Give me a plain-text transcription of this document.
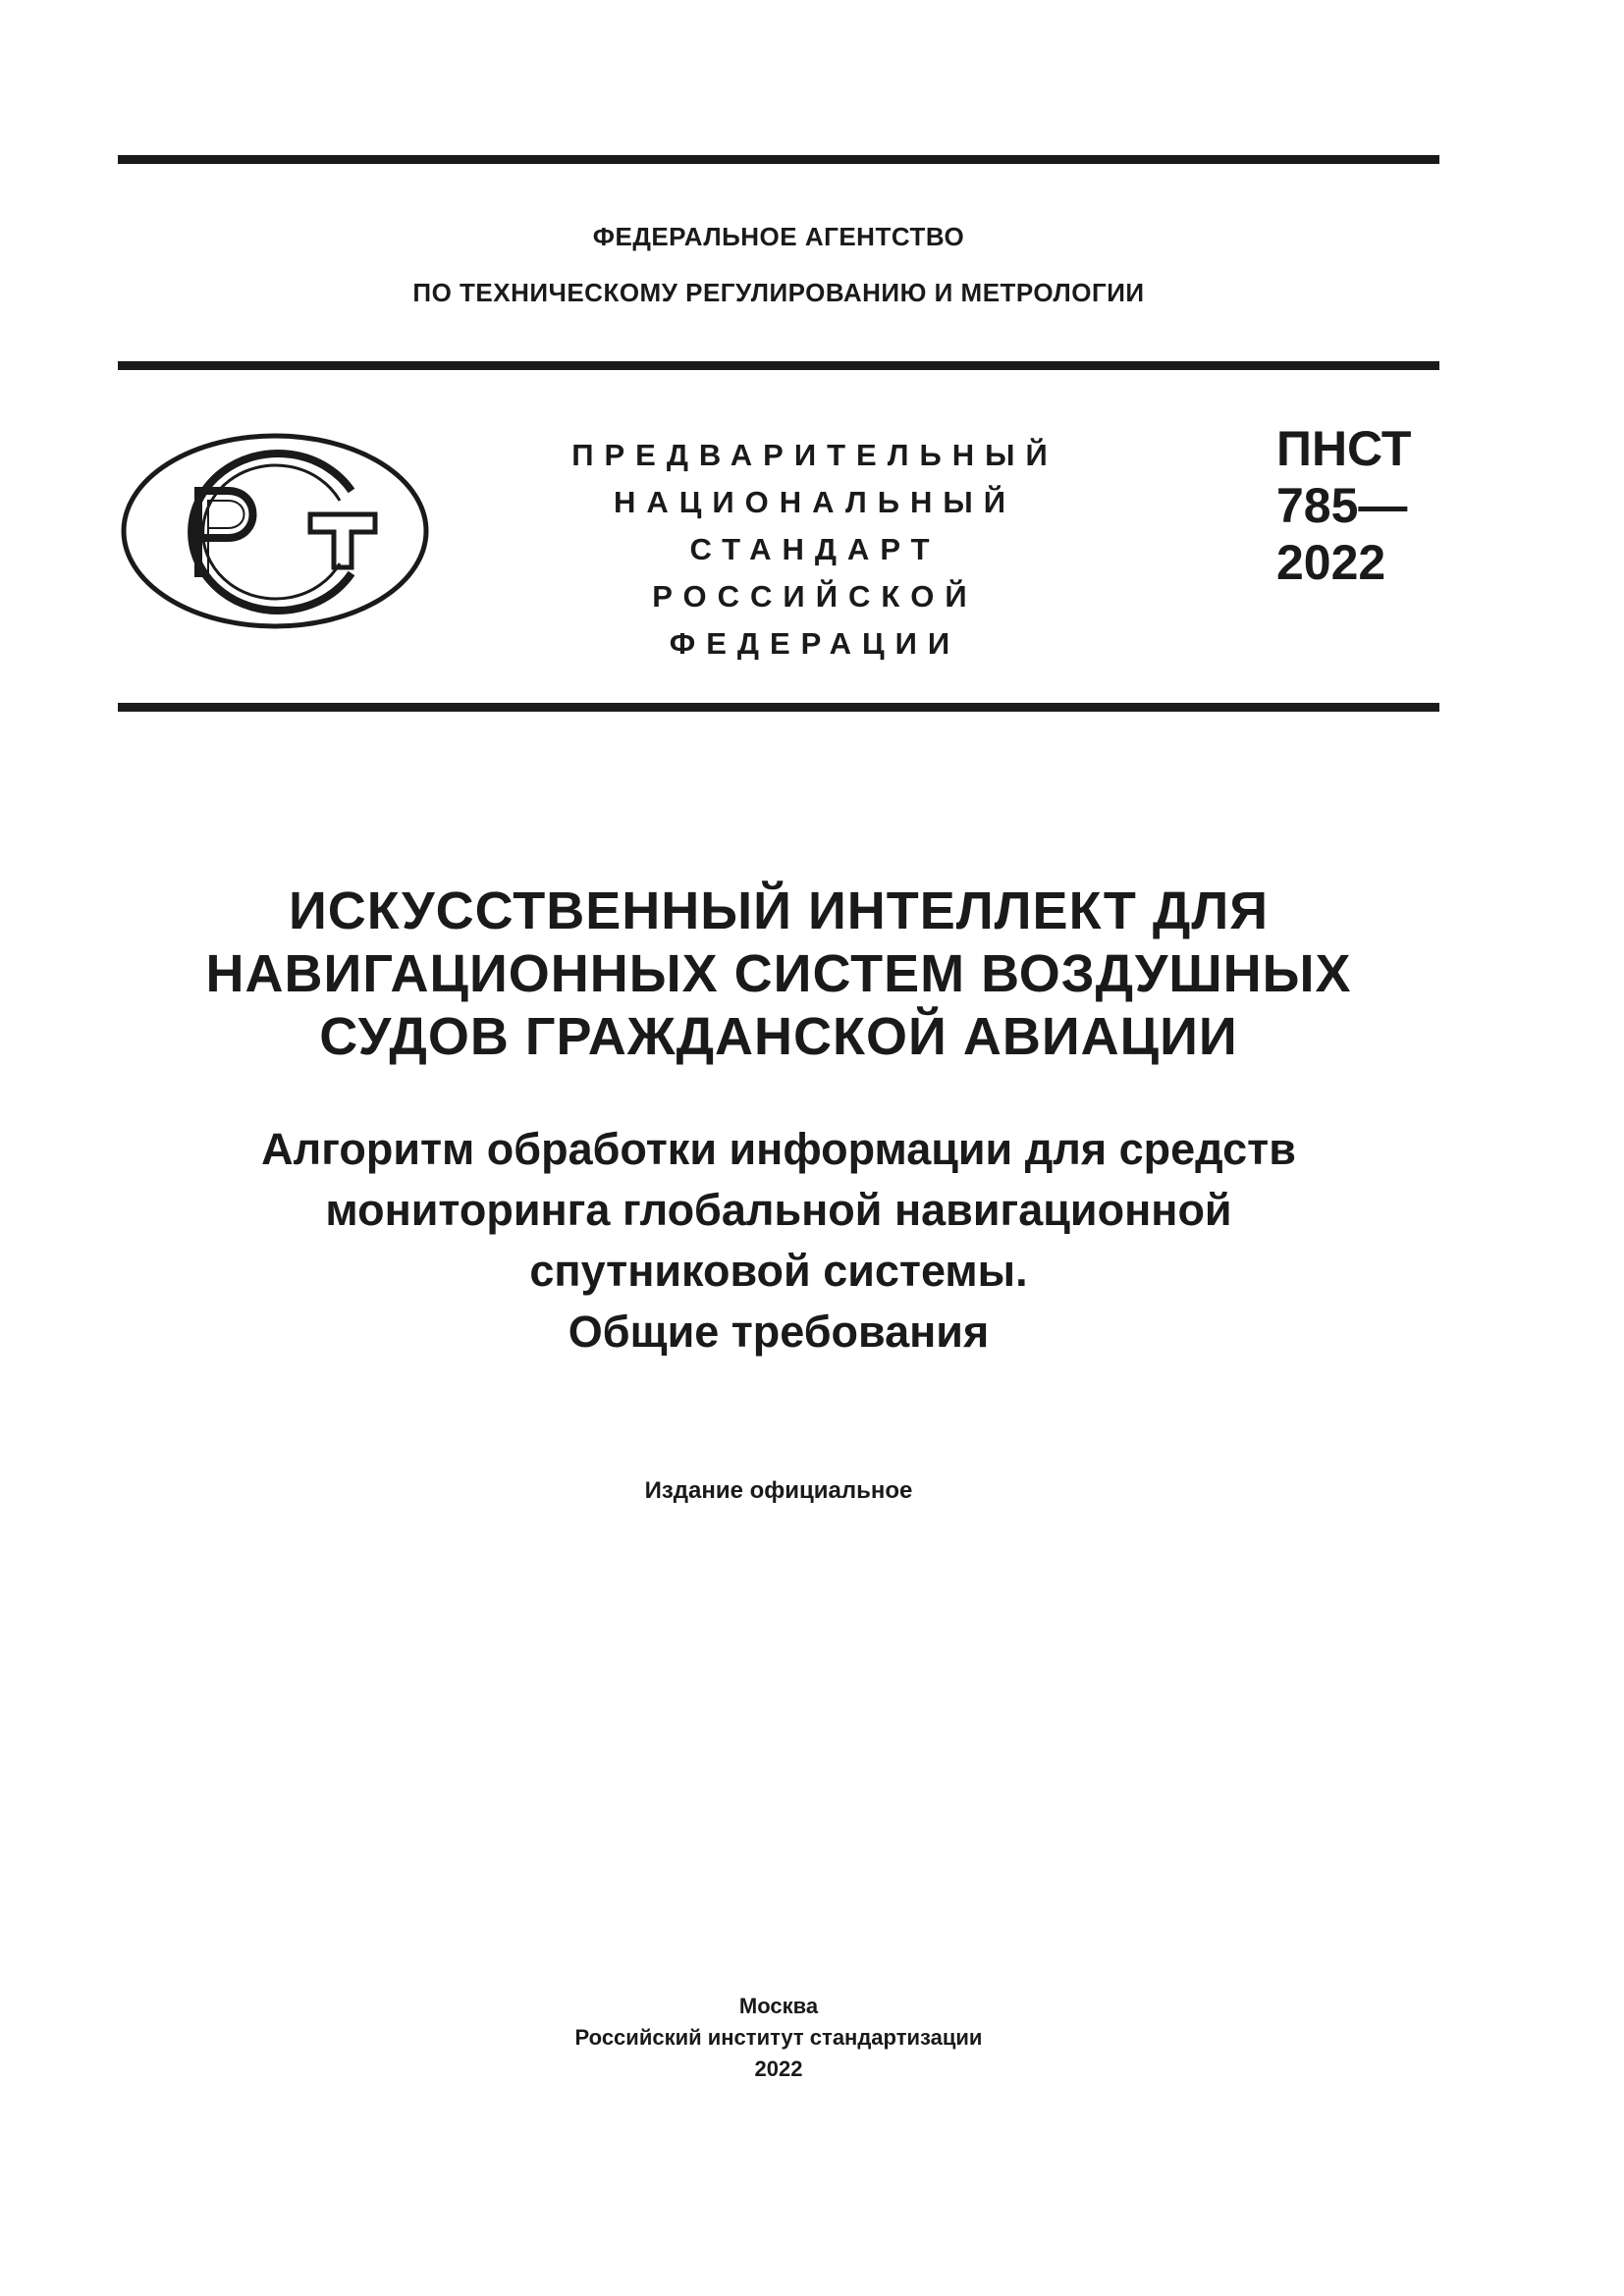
ФЕДЕРАЛЬНОЕ АГЕНТСТВО
ПО ТЕХНИЧЕСКОМУ РЕГУЛИРОВАНИЮ И МЕТРОЛОГИИ
ПРЕДВАРИТЕЛЬНЫЙ
НАЦИОНАЛЬНЫЙ
СТАНДАРТ
РОССИЙСКОЙ
ФЕДЕРАЦИИ
ПНСТ
785—
2022
ИСКУССТВЕННЫЙ ИНТЕЛЛЕКТ ДЛЯ
НАВИГАЦИОННЫХ СИСТЕМ ВОЗДУШНЫХ
СУДОВ ГРАЖДАНСКОЙ АВИАЦИИ
Алгоритм обработки информации для средств
мониторинга глобальной навигационной
спутниковой системы.
Общие требования
Издание официальное
Москва
Российский институт стандартизации
2022
